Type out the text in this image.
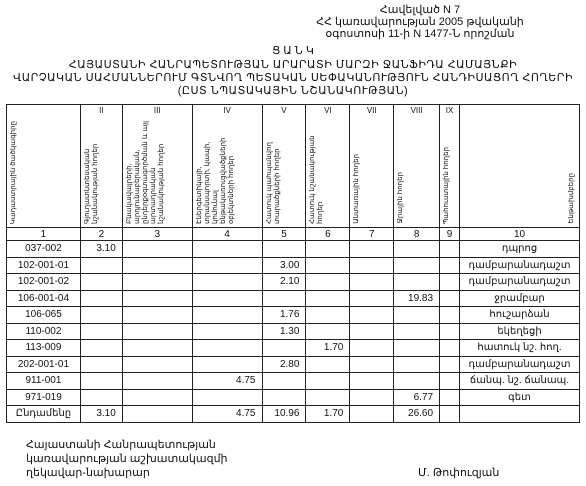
Հավելված N 7
ՀՀ կառավարության 2005 թվականի
օգոստոսի 11-ի N 1477-Ն որոշման
Ց Ա Ն Կ
ՀԱՅԱՍՏԱՆԻ ՀԱՆՐԱՊԵՏՈՒԹՅԱՆ ԱՐԱՐԱՏԻ ՄԱՐԶԻ ՋԱՆՖԻԴԱ ՀԱՄԱՅՆՔԻ
ՎԱՐՉԱԿԱՆ ՍԱՀՄԱՆՆԵՐՈՒՄ ԳՏՆՎՈՂ ՊԵՏԱԿԱՆ ՍԵՓԱԿԱՆՈՒԹՅՈՒՆ ՀԱՆԴԻՍԱՑՈՂ ՀՈՂԵՐԻ
(ԸՍՏ ՆՊԱՏԱԿԱՅԻՆ ՆՇԱՆԱԿՈՒԹՅԱՆ)
	II	III	IV	V	VI	VII	VIII	IX	
Կադաստրային ծածկագիրը	Գյուղատնտեսական նշանակության հողեր	Բնակավայրերի, արդյունաբերական, ընդերքօգտագործման և այլ արտադրական նշանակության հողեր	Էներգետիկայի, տրանսպորտի, կապի, կոմունալ ենթակառուցվածքների օբյեկտների հողեր	Հատուկ պահպանվող տարածքների հողեր	Հատուկ նշանակության հողեր	Անտառային հողեր	Ջրային հողեր	Պահուստային հողեր	Ենթախմբերը
1	2	3	4	5	6	7	8	9	10
037-002	3.10								դպրոց
102-001-01				3.00					դամբարանադաշտ
102-001-02				2.10					դամբարանադաշտ
106-001-04							19.83		ջրամբար
106-065				1.76					հուշարձան
110-002				1.30					եկեղեցի
113-009					1.70				հատուկ նշ. հող.
202-001-01				2.80					դամբարանադաշտ
911-001			4.75						ճանպ. նշ. ճանապ.
971-019							6.77		գետ
Ընդամենը	3.10		4.75	10.96	1.70		26.60		
Հայաստանի Հանրապետության
կառավարության աշխատակազմի
ղեկավար-նախարար	Մ. Թոփուզյան
